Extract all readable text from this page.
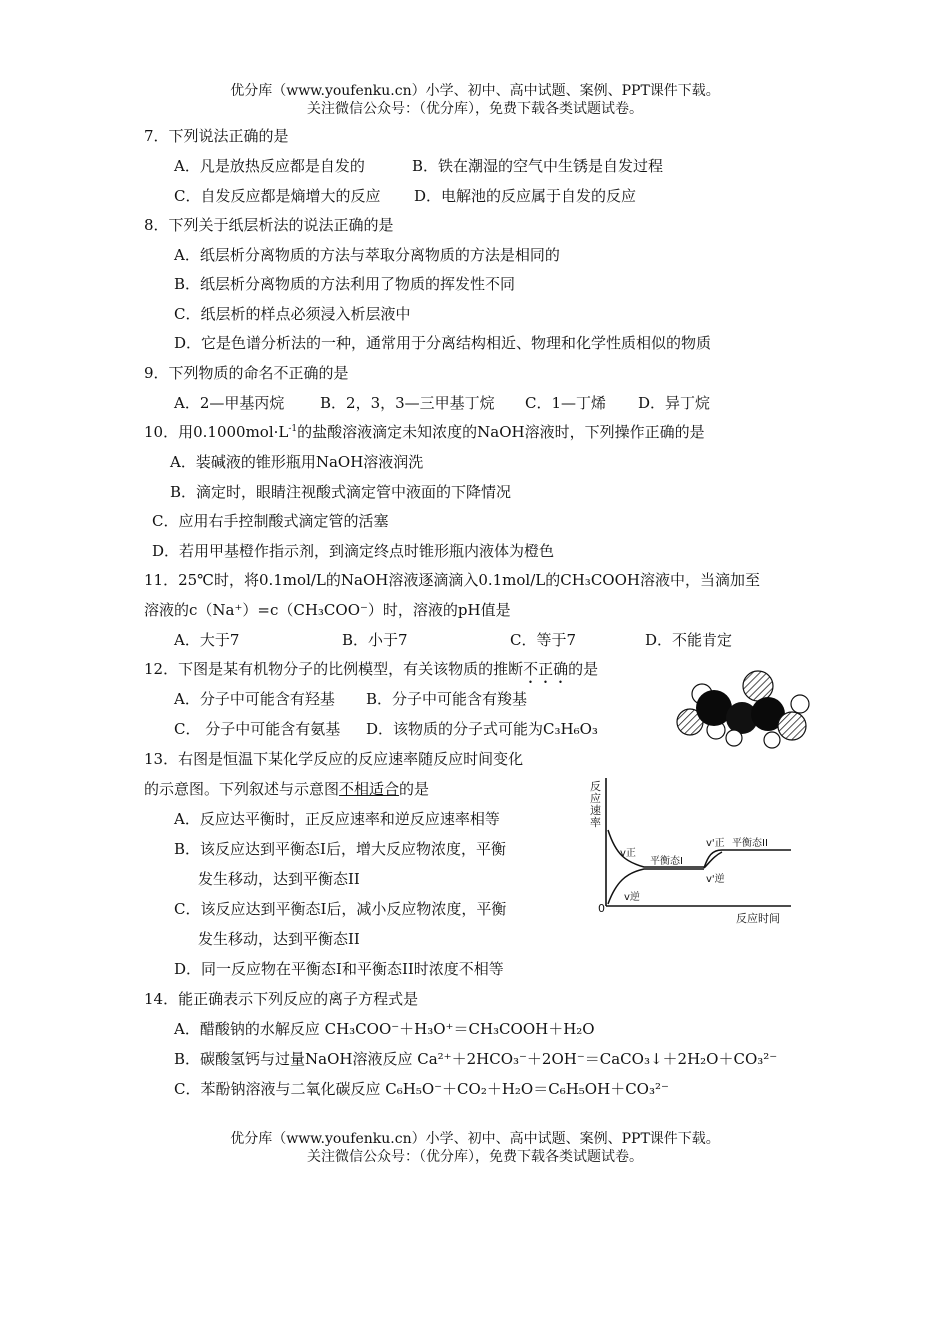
优分库（www.youfenku.cn）小学、初中、高中试题、案例、PPT课件下载。
关注微信公众号：（优分库），免费下载各类试题试卷。
7．下列说法正确的是
A．凡是放热反应都是自发的	B．铁在潮湿的空气中生锈是自发过程
C．自发反应都是熵增大的反应 D．电解池的反应属于自发的反应
8．下列关于纸层析法的说法正确的是
A．纸层析分离物质的方法与萃取分离物质的方法是相同的
B．纸层析分离物质的方法利用了物质的挥发性不同
C．纸层析的样点必须浸入析层液中
D．它是色谱分析法的一种，通常用于分离结构相近、物理和化学性质相似的物质
9．下列物质的命名不正确的是
A．2—甲基丙烷 B．2，3，3—三甲基丁烷 C．1—丁烯 D．异丁烷
10．用$0.1000mol\cdot L^{-1}$的盐酸溶液滴定未知浓度的NaOH溶液时，下列操作正确的是
A．装碱液的锥形瓶用NaOH溶液润洗
B．滴定时，眼睛注视酸式滴定管中液面的下降情况
C．应用右手控制酸式滴定管的活塞
D．若用甲基橙作指示剂，到滴定终点时锥形瓶内液体为橙色
11．25℃时，将0.1mol/L的NaOH溶液逐滴滴入0.1mol/L的CH₃COOH溶液中，当滴加至
溶液的c（Na⁺）=c（CH₃COO⁻）时，溶液的pH值是
A．大于7	B．小于7	C．等于7	D．不能肯定
12．下图是某有机物分子的比例模型，有关该物质的推断不正确的是
A．分子中可能含有羟基 B．分子中可能含有羧基
C． 分子中可能含有氨基 D．该物质的分子式可能为C₃H₆O₃
13．右图是恒温下某化学反应的反应速率随反应时间变化
的示意图。下列叙述与示意图不相适合的是
A．反应达平衡时，正反应速率和逆反应速率相等
B．该反应达到平衡态I后，增大反应物浓度，平衡
发生移动，达到平衡态II
C．该反应达到平衡态I后，减小反应物浓度，平衡
发生移动，达到平衡态II
D．同一反应物在平衡态I和平衡态II时浓度不相等
反应速率
反应时间
0
v正
v逆
v'正
v'逆
平衡态I
平衡态II
14．能正确表示下列反应的离子方程式是
A．醋酸钠的水解反应 CH₃COO⁻＋H₃O⁺＝CH₃COOH＋H₂O
B．碳酸氢钙与过量NaOH溶液反应 Ca²⁺＋2HCO₃⁻＋2OH⁻＝CaCO₃↓＋2H₂O＋CO₃²⁻
C．苯酚钠溶液与二氧化碳反应 C₆H₅O⁻＋CO₂＋H₂O＝C₆H₅OH＋CO₃²⁻
优分库（www.youfenku.cn）小学、初中、高中试题、案例、PPT课件下载。
关注微信公众号：（优分库），免费下载各类试题试卷。
